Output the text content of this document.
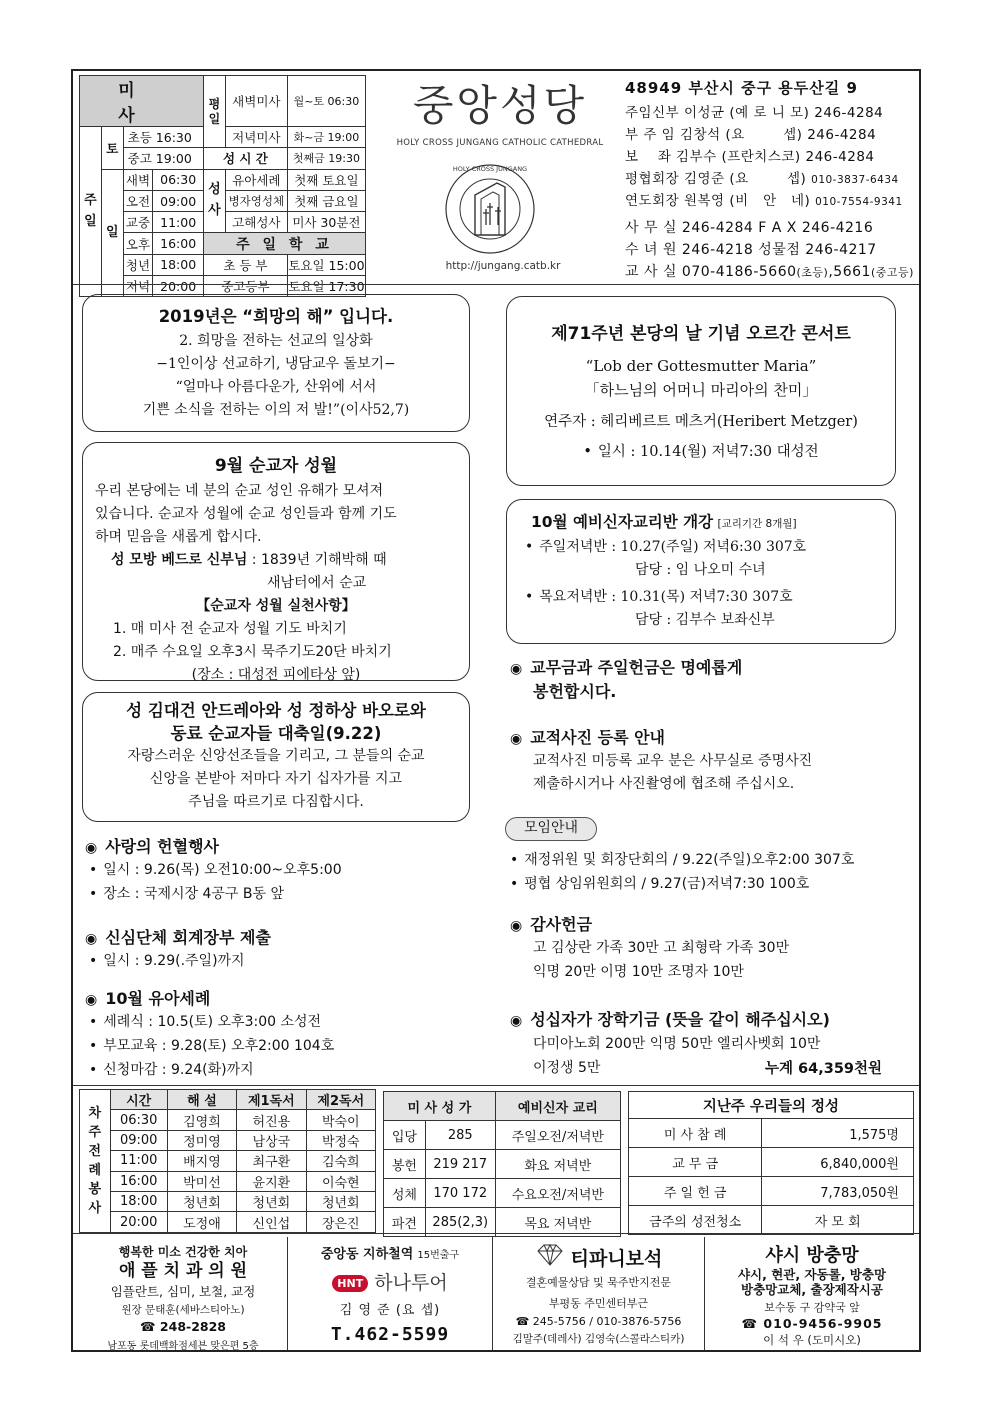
미 사				평일	새벽미사	월~토 06:30
주일	토	초등 16:30			저녁미사	화~금 19:00
		중고 19:00		성 시 간		첫째금 19:30
	일	새벽	06:30	성사	유아세례	첫째 토요일
		오전	09:00		병자영성체	첫째 금요일
		교중	11:00		고해성사	미사 30분전
		오후	16:00	주 일 학 교		
		청년	18:00	초 등 부		토요일 15:00
		저녁	20:00	중고등부		토요일 17:30
중앙성당
HOLY CROSS JUNGANG CATHOLIC CATHEDRAL
HOLY CROSS JUNGANG
http://jungang.catb.kr
48949 부산시 중구 용두산길 9
주임신부 이성균 (예 로 니 모) 246-4284
부 주 임 김창석 (요        셉) 246-4284
보    좌 김부수 (프란치스코) 246-4284
평협회장 김영준 (요        셉) 010-3837-6434
연도회장 원복영 (비   안   네) 010-7554-9341
사 무 실 246-4284 F A X 246-4216
수 녀 원 246-4218 성물점 246-4217
교 사 실 070-4186-5660(초등),5661(중고등)
2019년은 “희망의 해” 입니다.
2. 희망을 전하는 선교의 일상화
−1인이상 선교하기, 냉담교우 돌보기−
“얼마나 아름다운가, 산위에 서서
기쁜 소식을 전하는 이의 저 발!”(이사52,7)
9월 순교자 성월
우리 본당에는 네 분의 순교 성인 유해가 모셔져
있습니다. 순교자 성월에 순교 성인들과 함께 기도
하며 믿음을 새롭게 합시다.
성 모방 베드로 신부님 : 1839년 기해박해 때
새남터에서 순교
【순교자 성월 실천사항】
1. 매 미사 전 순교자 성월 기도 바치기
2. 매주 수요일 오후3시 묵주기도20단 바치기
(장소 : 대성전 피에타상 앞)
성 김대건 안드레아와 성 정하상 바오로와
동료 순교자들 대축일(9.22)
자랑스러운 신앙선조들을 기리고, 그 분들의 순교
신앙을 본받아 저마다 자기 십자가를 지고
주님을 따르기로 다짐합시다.
◉ 사랑의 헌혈행사
• 일시 : 9.26(목) 오전10:00~오후5:00
• 장소 : 국제시장 4공구 B동 앞
◉ 신심단체 회계장부 제출
• 일시 : 9.29(.주일)까지
◉ 10월 유아세례
• 세례식 : 10.5(토) 오후3:00 소성전
• 부모교육 : 9.28(토) 오후2:00 104호
• 신청마감 : 9.24(화)까지
제71주년 본당의 날 기념 오르간 콘서트
“Lob der Gottesmutter Maria”
「하느님의 어머니 마리아의 찬미」
연주자 : 헤리베르트 메츠거(Heribert Metzger)
• 일시 : 10.14(월) 저녁7:30 대성전
10월 예비신자교리반 개강 [교리기간 8개월]
• 주일저녁반 : 10.27(주일) 저녁6:30 307호
담당 : 임 나오미 수녀
• 목요저녁반 : 10.31(목) 저녁7:30 307호
담당 : 김부수 보좌신부
◉ 교무금과 주일헌금은 명예롭게
봉헌합시다.
◉ 교적사진 등록 안내
교적사진 미등록 교우 분은 사무실로 증명사진
제출하시거나 사진촬영에 협조해 주십시오.
모임안내
• 재정위원 및 회장단회의 / 9.22(주일)오후2:00 307호
• 평협 상임위원회의 / 9.27(금)저녁7:30 100호
◉ 감사헌금
고 김상란 가족 30만 고 최형락 가족 30만
익명 20만 이명 10만 조명자 10만
◉ 성십자가 장학기금 (뜻을 같이 해주십시오)
다미아노회 200만 익명 50만 엘리사벳회 10만
이정생 5만	누계 64,359천원
차주전례봉사	시간	해 설	제1독서	제2독서
	06:30	김영희	허진용	박숙이
	09:00	정미영	남상국	박정숙
	11:00	배지영	최구환	김숙희
	16:00	박미선	윤지환	이숙현
	18:00	청년회	청년회	청년회
	20:00	도정애	신인섭	장은진
미 사 성 가		예비신자 교리
입당	285	주일오전/저녁반
봉헌	219 217	화요 저녁반
성체	170 172	수요오전/저녁반
파견	285(2,3)	목요 저녁반
지난주 우리들의 정성	
미 사 참 례	1,575명
교 무 금	6,840,000원
주 일 헌 금	7,783,050원
금주의 성전청소	자 모 회
행복한 미소 건강한 치아
애 플 치 과 의 원
임플란트, 심미, 보철, 교정
원장 문태훈(세바스티아노)
☎ 248-2828
남포동 롯데백화점세븐 맞은편 5층
중앙동 지하철역 15번출구
HNT 하나투어
김 영 준 (요 셉)
T.462-5599
티파니보석
결혼예물상담 및 묵주반지전문
부평동 주민센터부근
☎ 245-5756 / 010-3876-5756
김말주(데레사) 김영숙(스콜라스티카)
샤시 방충망
샤시, 현관, 자동롤, 방충망
방충망교체, 출장제작시공
보수동 구 감약국 앞
☎ 010-9456-9905
이 석 우 (도미시오)
